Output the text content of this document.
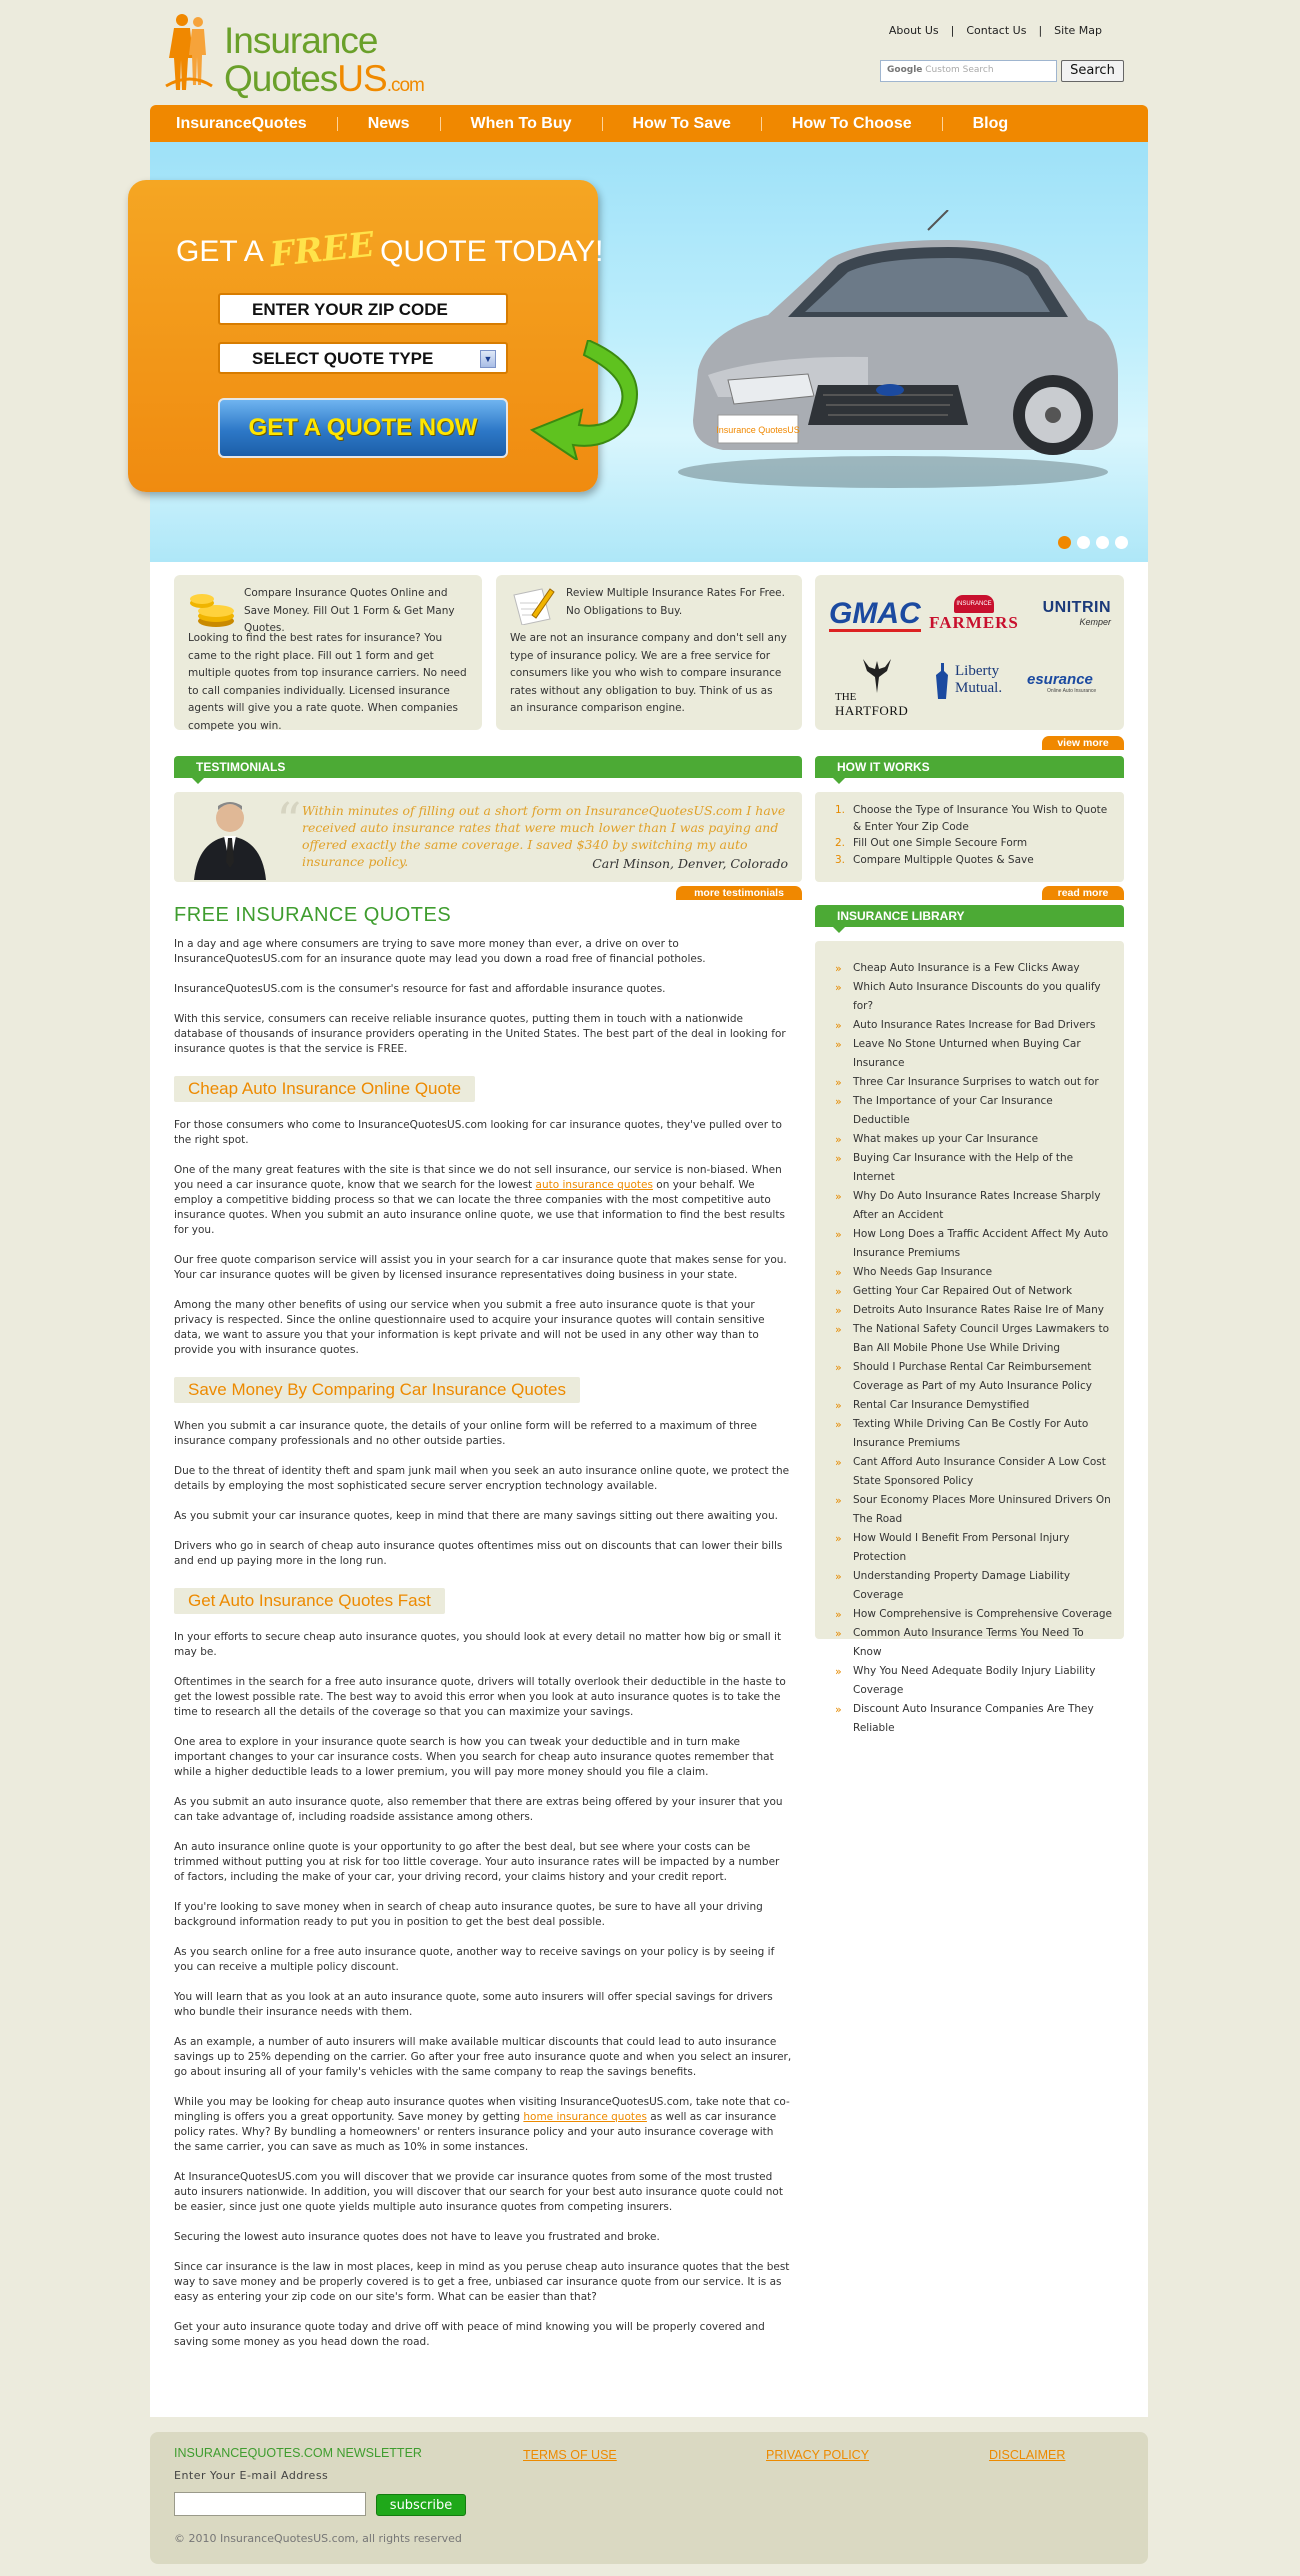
Insurance
QuotesUS.com
About Us | Contact Us | Site Map
Google Custom Search	Search
InsuranceQuotes	News	When To Buy	How To Save	How To Choose	Blog
Insurance QuotesUS
GET A FREE QUOTE TODAY!
ENTER YOUR ZIP CODE
SELECT QUOTE TYPE	▼
GET A QUOTE NOW
Compare Insurance Quotes Online and Save Money. Fill Out 1 Form & Get Many Quotes.
Looking to find the best rates for insurance? You came to the right place. Fill out 1 form and get multiple quotes from top insurance carriers. No need to call companies individually. Licensed insurance agents will give you a rate quote. When companies compete you win.
Review Multiple Insurance Rates For Free. No Obligations to Buy.
We are not an insurance company and don't sell any type of insurance policy. We are a free service for consumers like you who wish to compare insurance rates without any obligation to buy. Think of us as an insurance comparison engine.
GMAC	INSURANCE
FARMERS
UNITRIN
Kemper
THE
HARTFORD
Liberty
Mutual. esurance
Online Auto Insurance
view more
TESTIMONIALS
“ Within minutes of filling out a short form on InsuranceQuotesUS.com I have received auto insurance rates that were much lower than I was paying and offered exactly the same coverage. I saved $340 by switching my auto insurance policy.	Carl Minson, Denver, Colorado
more testimonials
HOW IT WORKS
1. Choose the Type of Insurance You Wish to Quote & Enter Your Zip Code
2. Fill Out one Simple Secoure Form
3. Compare Multipple Quotes & Save
read more
INSURANCE LIBRARY
»	Cheap Auto Insurance is a Few Clicks Away
»	Which Auto Insurance Discounts do you qualify for?
»	Auto Insurance Rates Increase for Bad Drivers
»	Leave No Stone Unturned when Buying Car Insurance
»	Three Car Insurance Surprises to watch out for
»	The Importance of your Car Insurance Deductible
»	What makes up your Car Insurance
»	Buying Car Insurance with the Help of the Internet
»	Why Do Auto Insurance Rates Increase Sharply After an Accident
»	How Long Does a Traffic Accident Affect My Auto Insurance Premiums
»	Who Needs Gap Insurance
»	Getting Your Car Repaired Out of Network
»	Detroits Auto Insurance Rates Raise Ire of Many
»	The National Safety Council Urges Lawmakers to Ban All Mobile Phone Use While Driving
»	Should I Purchase Rental Car Reimbursement Coverage as Part of my Auto Insurance Policy
»	Rental Car Insurance Demystified
»	Texting While Driving Can Be Costly For Auto Insurance Premiums
»	Cant Afford Auto Insurance Consider A Low Cost State Sponsored Policy
»	Sour Economy Places More Uninsured Drivers On The Road
»	How Would I Benefit From Personal Injury Protection
»	Understanding Property Damage Liability Coverage
»	How Comprehensive is Comprehensive Coverage
»	Common Auto Insurance Terms You Need To Know
»	Why You Need Adequate Bodily Injury Liability Coverage
»	Discount Auto Insurance Companies Are They Reliable
FREE INSURANCE QUOTES

In a day and age where consumers are trying to save more money than ever, a drive on over to InsuranceQuotesUS.com for an insurance quote may lead you down a road free of financial potholes.

InsuranceQuotesUS.com is the consumer's resource for fast and affordable insurance quotes.

With this service, consumers can receive reliable insurance quotes, putting them in touch with a nationwide database of thousands of insurance providers operating in the United States. The best part of the deal in looking for insurance quotes is that the service is FREE.

Cheap Auto Insurance Online Quote

For those consumers who come to InsuranceQuotesUS.com looking for car insurance quotes, they've pulled over to the right spot.

One of the many great features with the site is that since we do not sell insurance, our service is non-biased. When you need a car insurance quote, know that we search for the lowest auto insurance quotes on your behalf. We employ a competitive bidding process so that we can locate the three companies with the most competitive auto insurance quotes. When you submit an auto insurance online quote, we use that information to find the best results for you.

Our free quote comparison service will assist you in your search for a car insurance quote that makes sense for you. Your car insurance quotes will be given by licensed insurance representatives doing business in your state.

Among the many other benefits of using our service when you submit a free auto insurance quote is that your privacy is respected. Since the online questionnaire used to acquire your insurance quotes will contain sensitive data, we want to assure you that your information is kept private and will not be used in any other way than to provide you with insurance quotes.

Save Money By Comparing Car Insurance Quotes

When you submit a car insurance quote, the details of your online form will be referred to a maximum of three insurance company professionals and no other outside parties.

Due to the threat of identity theft and spam junk mail when you seek an auto insurance online quote, we protect the details by employing the most sophisticated secure server encryption technology available.

As you submit your car insurance quotes, keep in mind that there are many savings sitting out there awaiting you.

Drivers who go in search of cheap auto insurance quotes oftentimes miss out on discounts that can lower their bills and end up paying more in the long run.

Get Auto Insurance Quotes Fast

In your efforts to secure cheap auto insurance quotes, you should look at every detail no matter how big or small it may be.

Oftentimes in the search for a free auto insurance quote, drivers will totally overlook their deductible in the haste to get the lowest possible rate. The best way to avoid this error when you look at auto insurance quotes is to take the time to research all the details of the coverage so that you can maximize your savings.

One area to explore in your insurance quote search is how you can tweak your deductible and in turn make important changes to your car insurance costs. When you search for cheap auto insurance quotes remember that while a higher deductible leads to a lower premium, you will pay more money should you file a claim.

As you submit an auto insurance quote, also remember that there are extras being offered by your insurer that you can take advantage of, including roadside assistance among others.

An auto insurance online quote is your opportunity to go after the best deal, but see where your costs can be trimmed without putting you at risk for too little coverage. Your auto insurance rates will be impacted by a number of factors, including the make of your car, your driving record, your claims history and your credit report.

If you're looking to save money when in search of cheap auto insurance quotes, be sure to have all your driving background information ready to put you in position to get the best deal possible.

As you search online for a free auto insurance quote, another way to receive savings on your policy is by seeing if you can receive a multiple policy discount.

You will learn that as you look at an auto insurance quote, some auto insurers will offer special savings for drivers who bundle their insurance needs with them.

As an example, a number of auto insurers will make available multicar discounts that could lead to auto insurance savings up to 25% depending on the carrier. Go after your free auto insurance quote and when you select an insurer, go about insuring all of your family's vehicles with the same company to reap the savings benefits.

While you may be looking for cheap auto insurance quotes when visiting InsuranceQuotesUS.com, take note that co-mingling is offers you a great opportunity. Save money by getting home insurance quotes as well as car insurance policy rates. Why? By bundling a homeowners' or renters insurance policy and your auto insurance coverage with the same carrier, you can save as much as 10% in some instances.

At InsuranceQuotesUS.com you will discover that we provide car insurance quotes from some of the most trusted auto insurers nationwide. In addition, you will discover that our search for your best auto insurance quote could not be easier, since just one quote yields multiple auto insurance quotes from competing insurers.

Securing the lowest auto insurance quotes does not have to leave you frustrated and broke.

Since car insurance is the law in most places, keep in mind as you peruse cheap auto insurance quotes that the best way to save money and be properly covered is to get a free, unbiased car insurance quote from our service. It is as easy as entering your zip code on our site's form. What can be easier than that?

Get your auto insurance quote today and drive off with peace of mind knowing you will be properly covered and saving some money as you head down the road.

INSURANCEQUOTES.COM NEWSLETTER	TERMS OF USE	PRIVACY POLICY	DISCLAIMER
Enter Your E-mail Address
subscribe
© 2010 InsuranceQuotesUS.com, all rights reserved
